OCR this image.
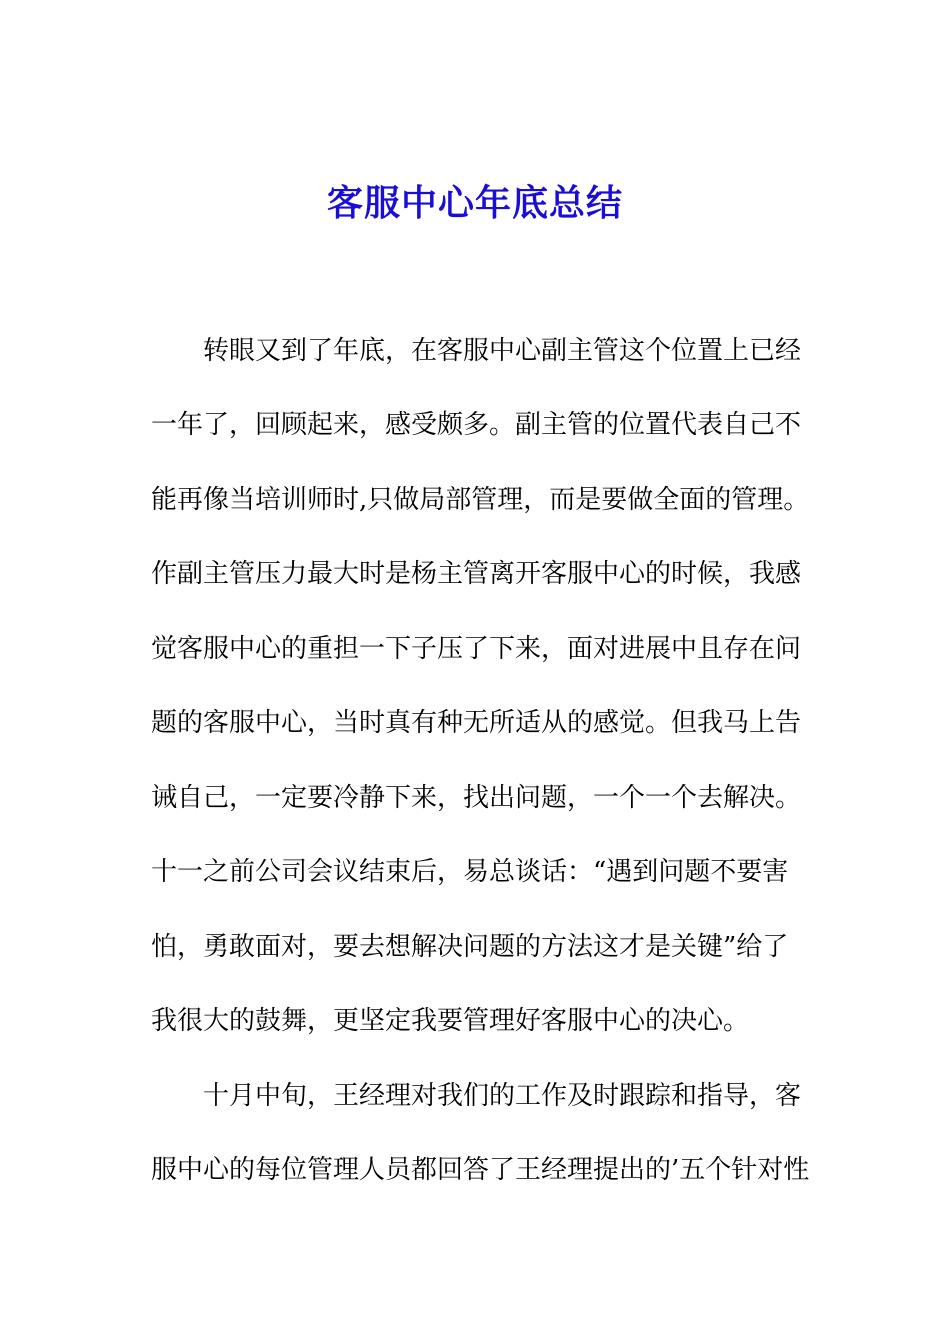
客服中心年底总结
转眼又到了年底，在客服中心副主管这个位置上已经
一年了，回顾起来，感受颇多。副主管的位置代表自己不
能再像当培训师时,只做局部管理，而是要做全面的管理。
作副主管压力最大时是杨主管离开客服中心的时候，我感
觉客服中心的重担一下子压了下来，面对进展中且存在问
题的客服中心，当时真有种无所适从的感觉。但我马上告
诫自己，一定要冷静下来，找出问题，一个一个去解决。
十一之前公司会议结束后，易总谈话：“遇到问题不要害
怕，勇敢面对，要去想解决问题的方法这才是关键”给了
我很大的鼓舞，更坚定我要管理好客服中心的决心。
十月中旬，王经理对我们的工作及时跟踪和指导，客
服中心的每位管理人员都回答了王经理提出的’五个针对性
